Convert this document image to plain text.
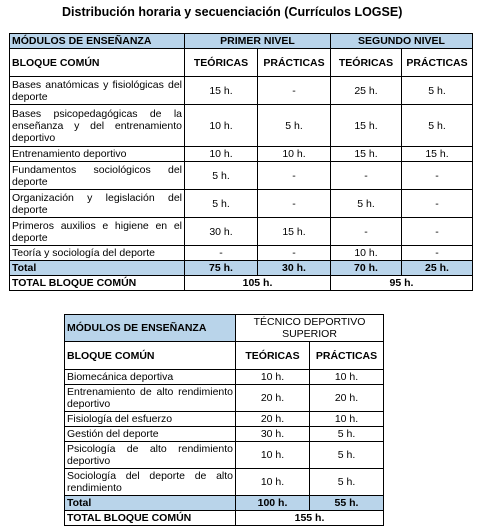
Distribución horaria y secuenciación (Currículos LOGSE)
MÓDULOS DE ENSEÑANZA	PRIMER NIVEL		SEGUNDO NIVEL	
BLOQUE COMÚN	TEÓRICAS	PRÁCTICAS	TEÓRICAS	PRÁCTICAS
Bases anatómicas y fisiológicas del deporte	15 h.	-	25 h.	5 h.
Bases psicopedagógicas de la enseñanza y del entrenamiento deportivo	10 h.	5 h.	15 h.	5 h.
Entrenamiento deportivo	10 h.	10 h.	15 h.	15 h.
Fundamentos sociológicos del deporte	5 h.	-	-	-
Organización y legislación del deporte	5 h.	-	5 h.	-
Primeros auxilios e higiene en el deporte	30 h.	15 h.	-	-
Teoría y sociología del deporte	-	-	10 h.	-
Total	75 h.	30 h.	70 h.	25 h.
TOTAL BLOQUE COMÚN	105 h.		95 h.	
MÓDULOS DE ENSEÑANZA	TÉCNICO DEPORTIVO SUPERIOR	
BLOQUE COMÚN	TEÓRICAS	PRÁCTICAS
Biomecánica deportiva	10 h.	10 h.
Entrenamiento de alto rendimiento deportivo	20 h.	20 h.
Fisiología del esfuerzo	20 h.	10 h.
Gestión del deporte	30 h.	5 h.
Psicología de alto rendimiento deportivo	10 h.	5 h.
Sociología del deporte de alto rendimiento	10 h.	5 h.
Total	100 h.	55 h.
TOTAL BLOQUE COMÚN	155 h.	
